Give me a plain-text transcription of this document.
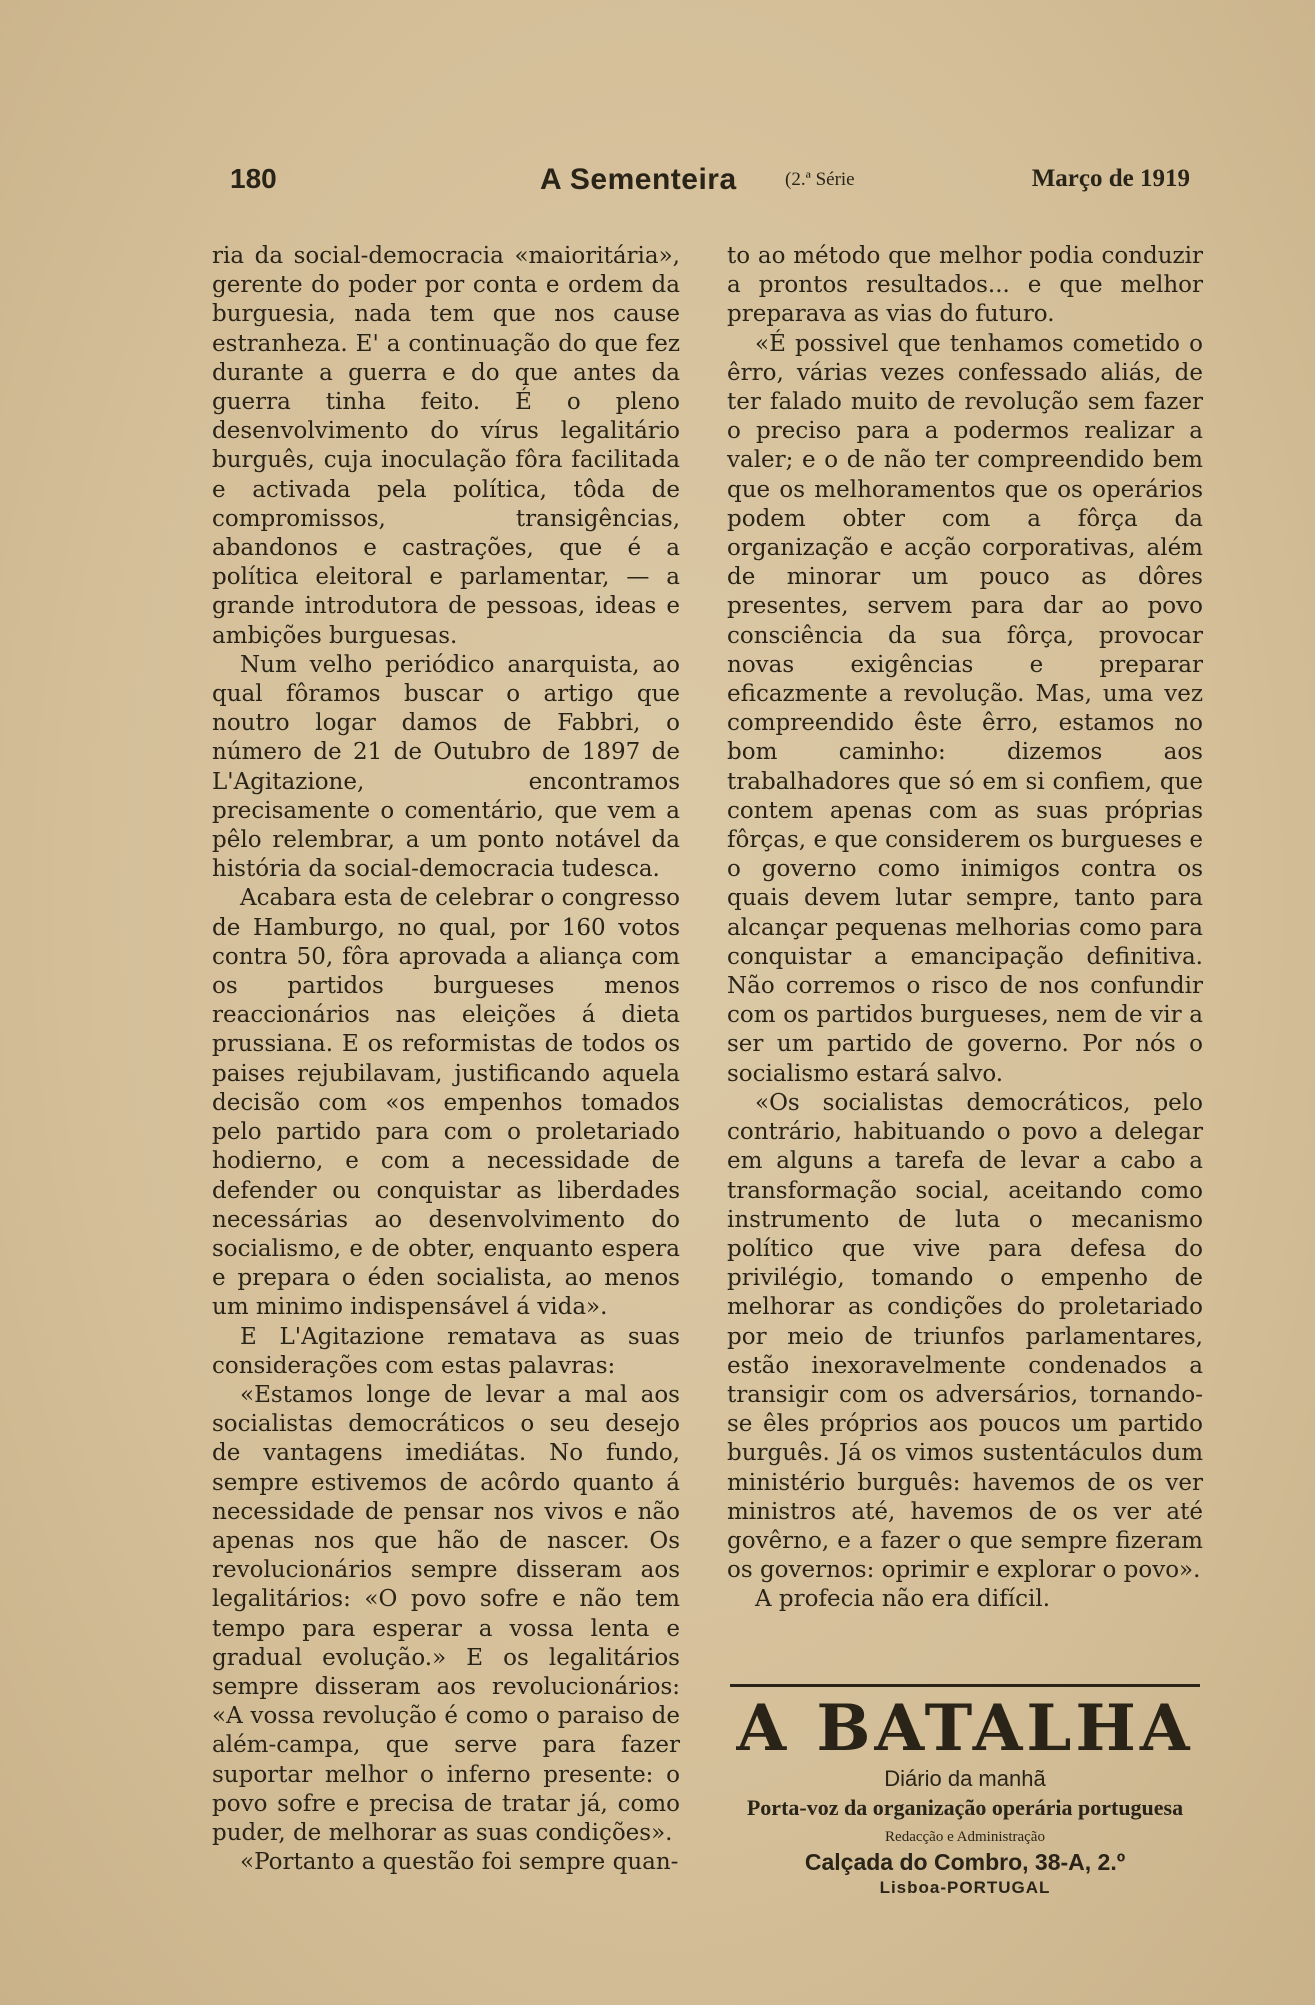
180	A Sementeira	(2.ª Série	Março de 1919

ria da social-democracia «maioritária», gerente do poder por conta e ordem da burguesia, nada tem que nos cause estranheza. E' a continuação do que fez durante a guerra e do que antes da guerra tinha feito. É o pleno desenvolvimento do vírus legalitário burguês, cuja inoculação fôra facilitada e activada pela política, tôda de compromissos, transigências, abandonos e castrações, que é a política eleitoral e parlamentar, — a grande introdutora de pessoas, ideas e ambições burguesas.

Num velho periódico anarquista, ao qual fôramos buscar o artigo que noutro logar damos de Fabbri, o número de 21 de Outubro de 1897 de L'Agitazione, encontramos precisamente o comentário, que vem a pêlo relembrar, a um ponto notável da história da social-democracia tudesca.

Acabara esta de celebrar o congresso de Hamburgo, no qual, por 160 votos contra 50, fôra aprovada a aliança com os partidos burgueses menos reaccionários nas eleições á dieta prussiana. E os reformistas de todos os paises rejubilavam, justificando aquela decisão com «os empenhos tomados pelo partido para com o proletariado hodierno, e com a necessidade de defender ou conquistar as liberdades necessárias ao desenvolvimento do socialismo, e de obter, enquanto espera e prepara o éden socialista, ao menos um minimo indispensável á vida».

E L'Agitazione rematava as suas considerações com estas palavras:

«Estamos longe de levar a mal aos socialistas democráticos o seu desejo de vantagens imediátas. No fundo, sempre estivemos de acôrdo quanto á necessidade de pensar nos vivos e não apenas nos que hão de nascer. Os revolucionários sempre disseram aos legalitários: «O povo sofre e não tem tempo para esperar a vossa lenta e gradual evolução.» E os legalitários sempre disseram aos revolucionários: «A vossa revolução é como o paraiso de além-campa, que serve para fazer suportar melhor o inferno presente: o povo sofre e precisa de tratar já, como puder, de melhorar as suas condições».

«Portanto a questão foi sempre quan-

to ao método que melhor podia conduzir a prontos resultados... e que melhor preparava as vias do futuro.

«É possivel que tenhamos cometido o êrro, várias vezes confessado aliás, de ter falado muito de revolução sem fazer o preciso para a podermos realizar a valer; e o de não ter compreendido bem que os melhoramentos que os operários podem obter com a fôrça da organização e acção corporativas, além de minorar um pouco as dôres presentes, servem para dar ao povo consciência da sua fôrça, provocar novas exigências e preparar eficazmente a revolução. Mas, uma vez compreendido êste êrro, estamos no bom caminho: dizemos aos trabalhadores que só em si confiem, que contem apenas com as suas próprias fôrças, e que considerem os burgueses e o governo como inimigos contra os quais devem lutar sempre, tanto para alcançar pequenas melhorias como para conquistar a emancipação definitiva. Não corremos o risco de nos confundir com os partidos burgueses, nem de vir a ser um partido de governo. Por nós o socialismo estará salvo.

«Os socialistas democráticos, pelo contrário, habituando o povo a delegar em alguns a tarefa de levar a cabo a transformação social, aceitando como instrumento de luta o mecanismo político que vive para defesa do privilégio, tomando o empenho de melhorar as condições do proletariado por meio de triunfos parlamentares, estão inexoravelmente condenados a transigir com os adversários, tornando-se êles próprios aos poucos um partido burguês. Já os vimos sustentáculos dum ministério burguês: havemos de os ver ministros até, havemos de os ver até govêrno, e a fazer o que sempre fizeram os governos: oprimir e explorar o povo».

A profecia não era difícil.

A BATALHA
Diário da manhã
Porta-voz da organização operária portuguesa
Redacção e Administração
Calçada do Combro, 38-A, 2.º
Lisboa-PORTUGAL
